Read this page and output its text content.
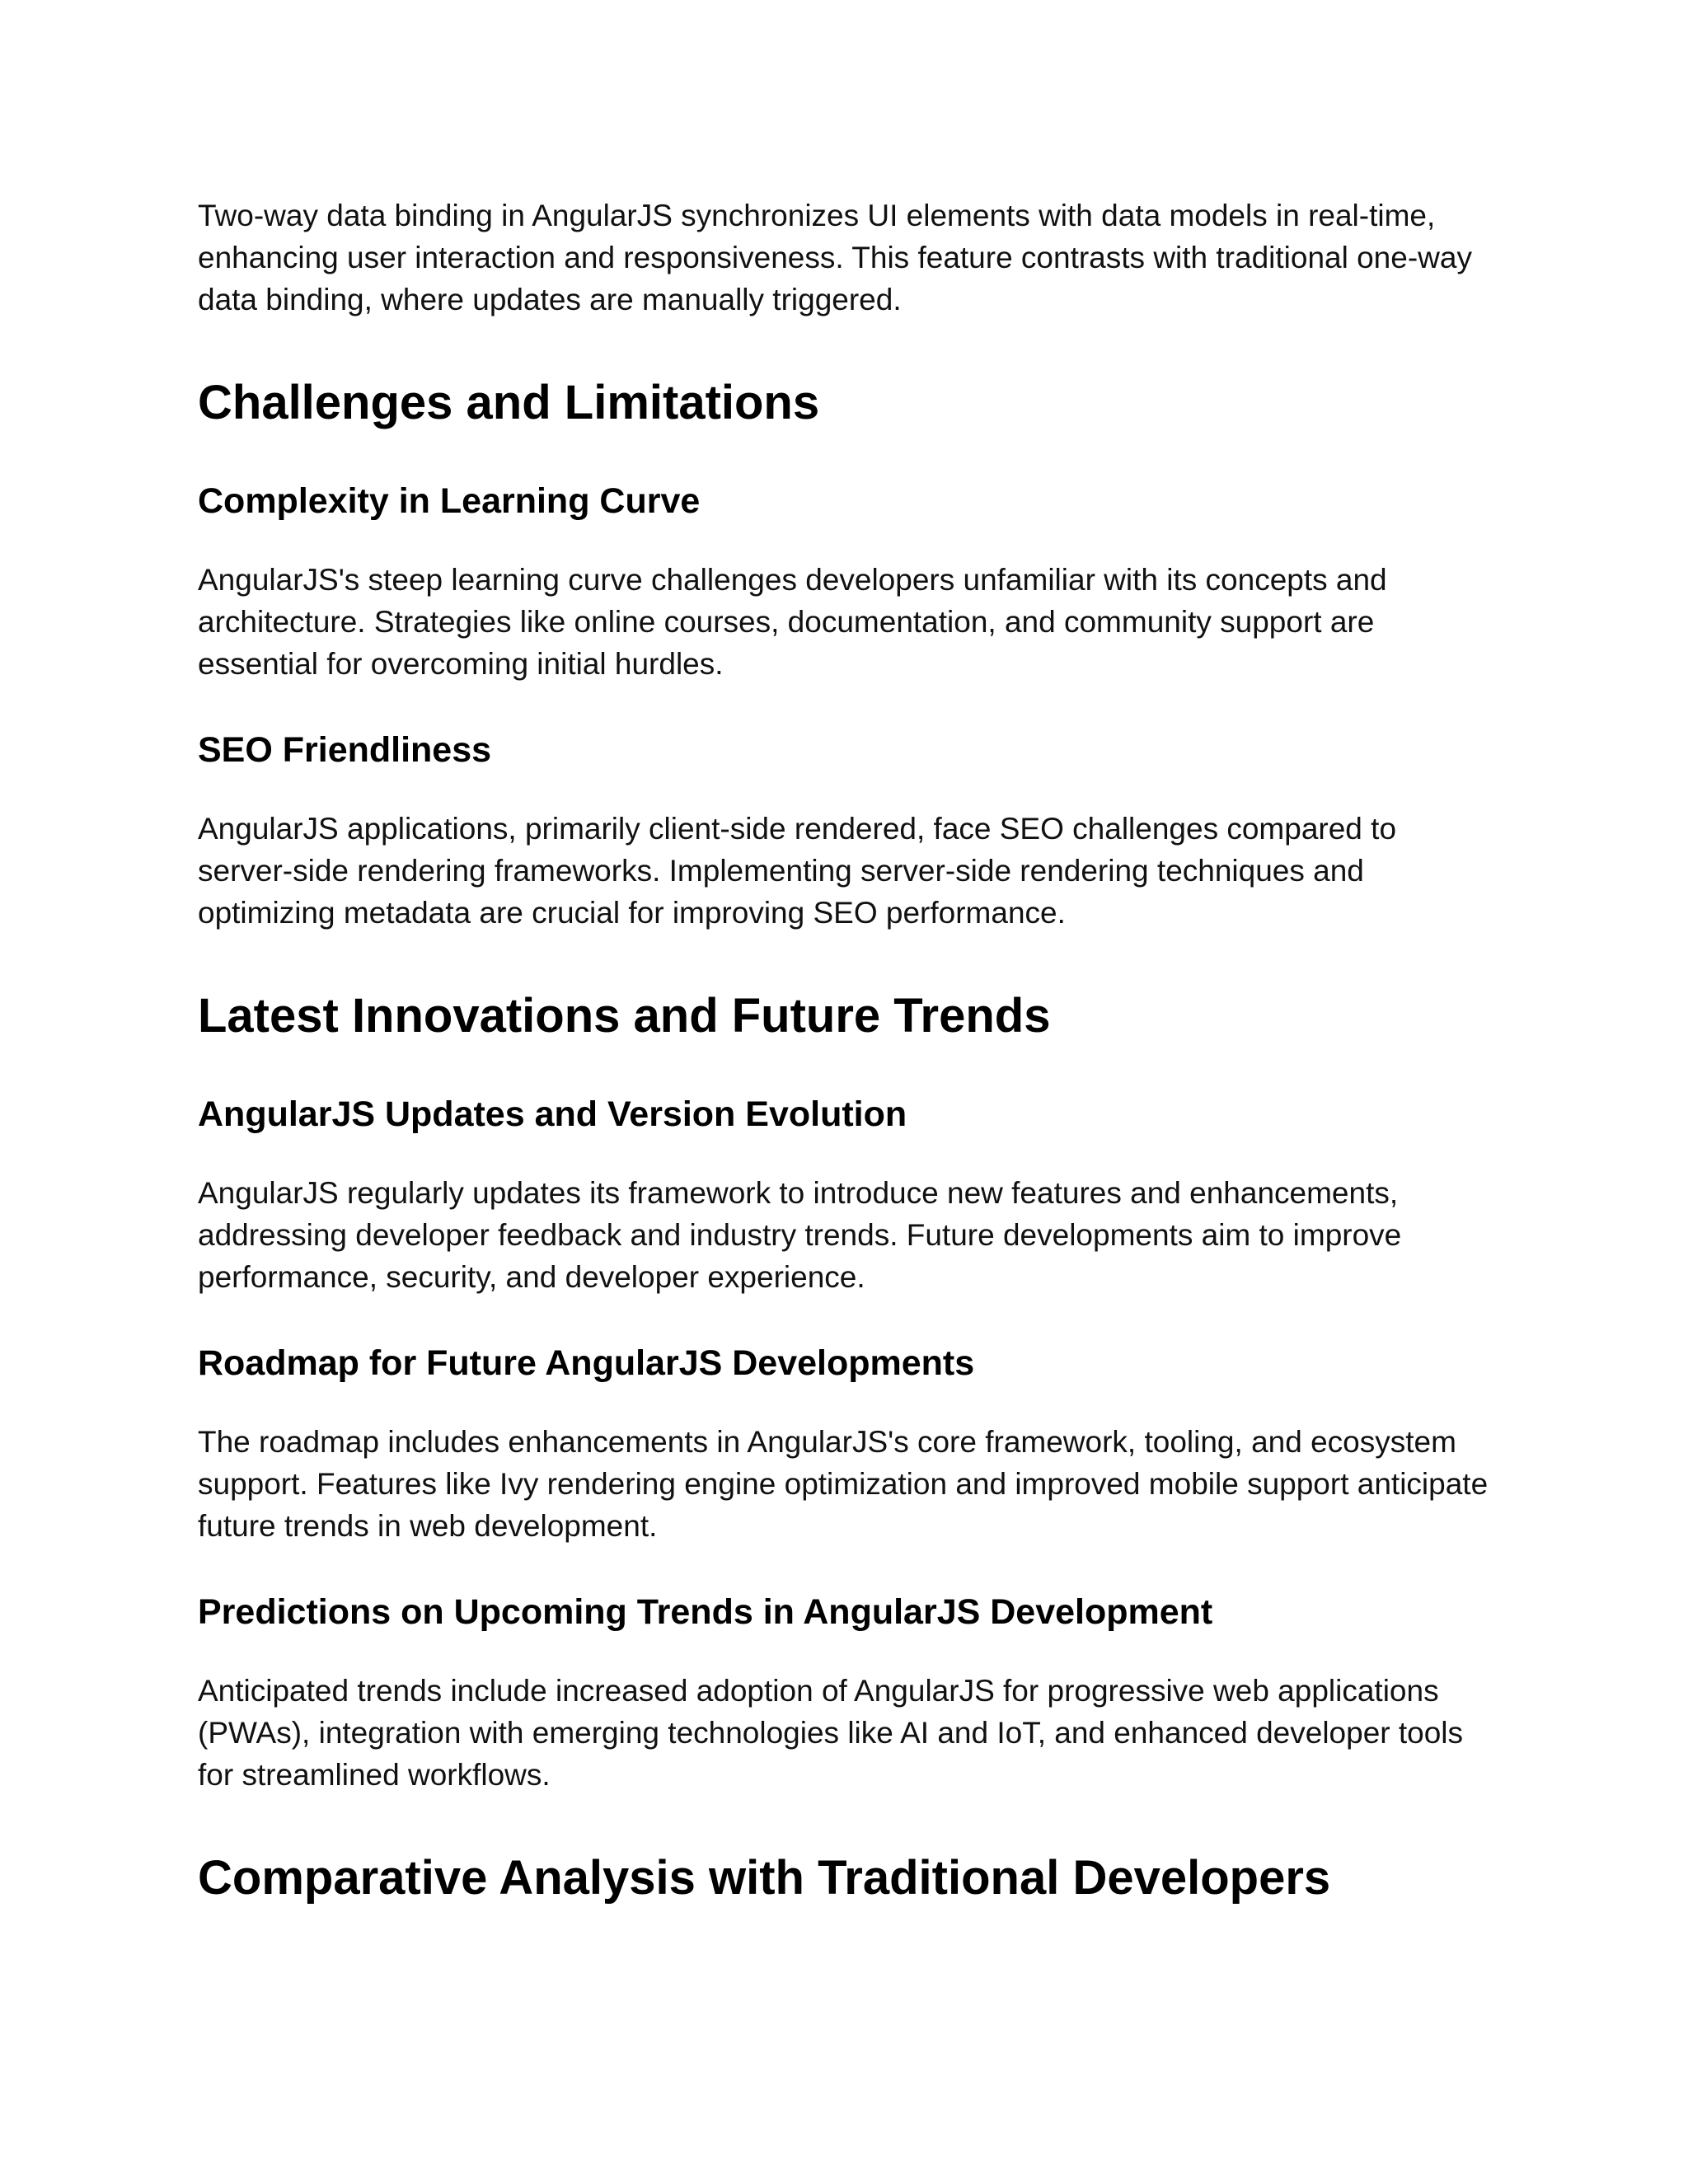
Two-way data binding in AngularJS synchronizes UI elements with data models in real-time, enhancing user interaction and responsiveness. This feature contrasts with traditional one-way data binding, where updates are manually triggered.

Challenges and Limitations
Complexity in Learning Curve

AngularJS's steep learning curve challenges developers unfamiliar with its concepts and architecture. Strategies like online courses, documentation, and community support are essential for overcoming initial hurdles.

SEO Friendliness

AngularJS applications, primarily client-side rendered, face SEO challenges compared to server-side rendering frameworks. Implementing server-side rendering techniques and optimizing metadata are crucial for improving SEO performance.

Latest Innovations and Future Trends
AngularJS Updates and Version Evolution

AngularJS regularly updates its framework to introduce new features and enhancements, addressing developer feedback and industry trends. Future developments aim to improve performance, security, and developer experience.

Roadmap for Future AngularJS Developments

The roadmap includes enhancements in AngularJS's core framework, tooling, and ecosystem support. Features like Ivy rendering engine optimization and improved mobile support anticipate future trends in web development.

Predictions on Upcoming Trends in AngularJS Development

Anticipated trends include increased adoption of AngularJS for progressive web applications (PWAs), integration with emerging technologies like AI and IoT, and enhanced developer tools for streamlined workflows.

Comparative Analysis with Traditional Developers
